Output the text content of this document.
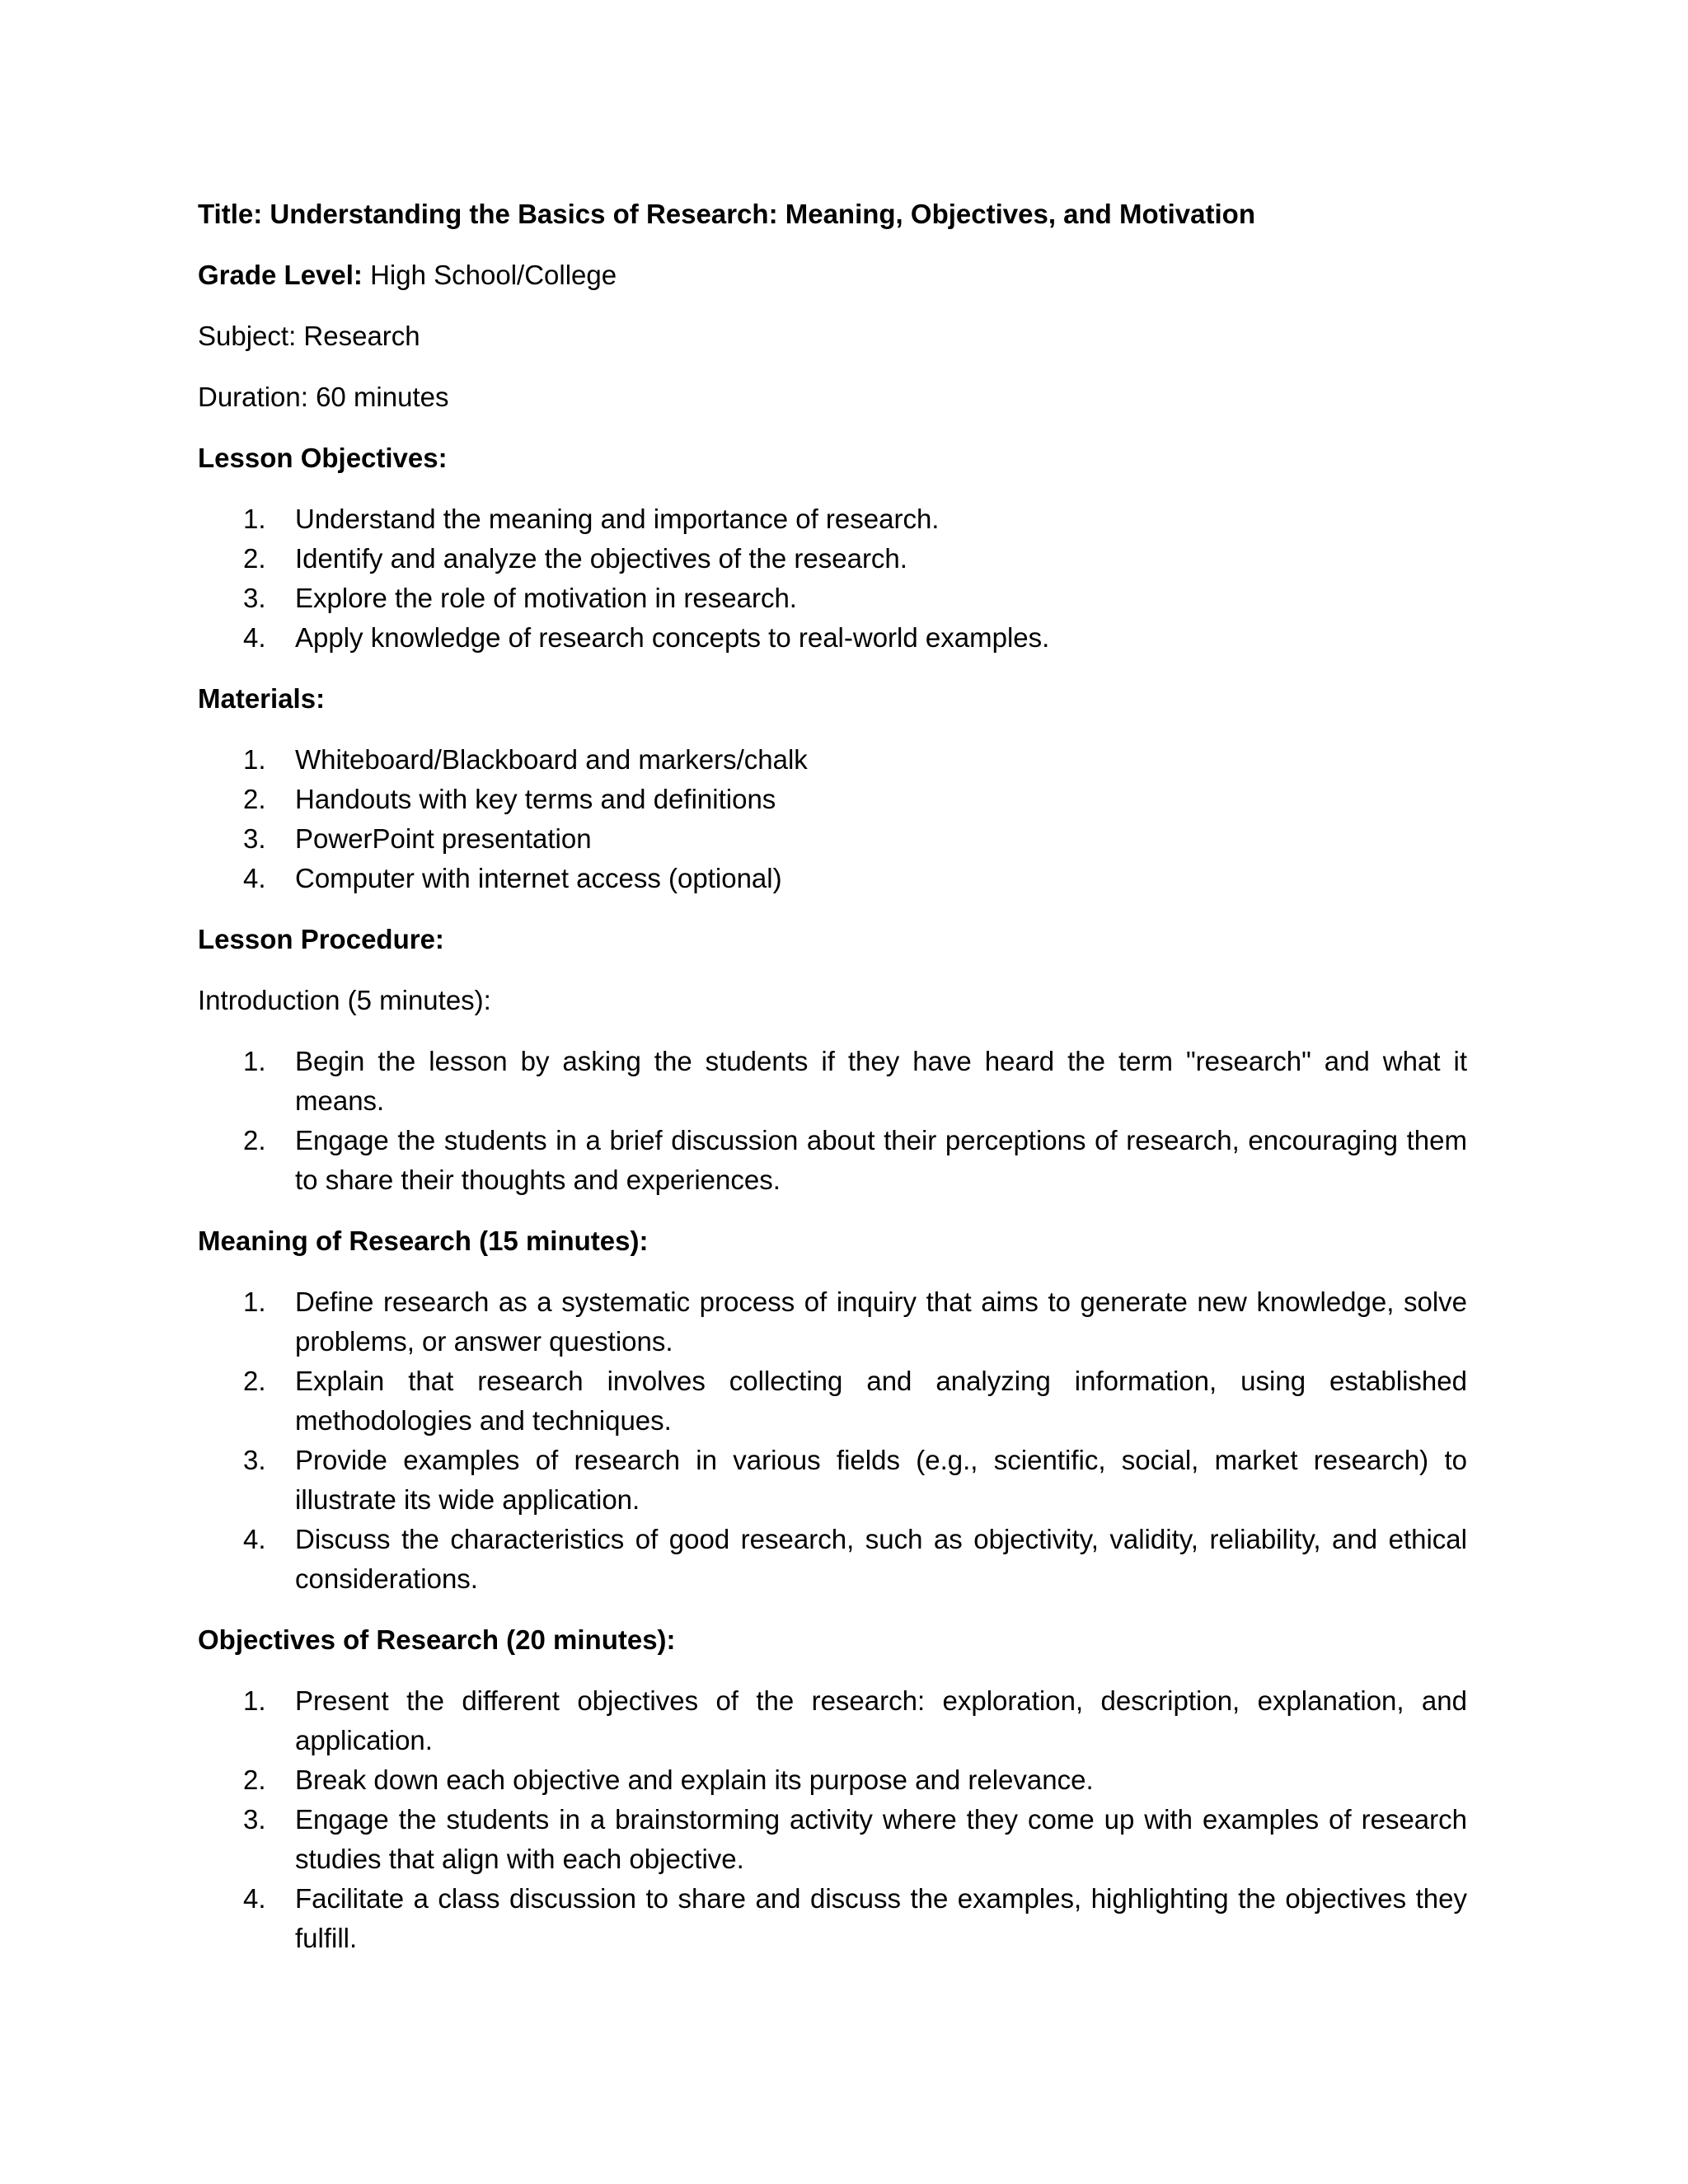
Title: Understanding the Basics of Research: Meaning, Objectives, and Motivation

Grade Level: High School/College

Subject: Research

Duration: 60 minutes

Lesson Objectives:

1.	Understand the meaning and importance of research.
2.	Identify and analyze the objectives of the research.
3.	Explore the role of motivation in research.
4.	Apply knowledge of research concepts to real-world examples.

Materials:

1.	Whiteboard/Blackboard and markers/chalk
2.	Handouts with key terms and definitions
3.	PowerPoint presentation
4.	Computer with internet access (optional)

Lesson Procedure:

Introduction (5 minutes):

1.	Begin the lesson by asking the students if they have heard the term "research" and what it means.
2.	Engage the students in a brief discussion about their perceptions of research, encouraging them to share their thoughts and experiences.

Meaning of Research (15 minutes):

1.	Define research as a systematic process of inquiry that aims to generate new knowledge, solve problems, or answer questions.
2.	Explain that research involves collecting and analyzing information, using established methodologies and techniques.
3.	Provide examples of research in various fields (e.g., scientific, social, market research) to illustrate its wide application.
4.	Discuss the characteristics of good research, such as objectivity, validity, reliability, and ethical considerations.

Objectives of Research (20 minutes):

1.	Present the different objectives of the research: exploration, description, explanation, and application.
2.	Break down each objective and explain its purpose and relevance.
3.	Engage the students in a brainstorming activity where they come up with examples of research studies that align with each objective.
4.	Facilitate a class discussion to share and discuss the examples, highlighting the objectives they fulfill.
